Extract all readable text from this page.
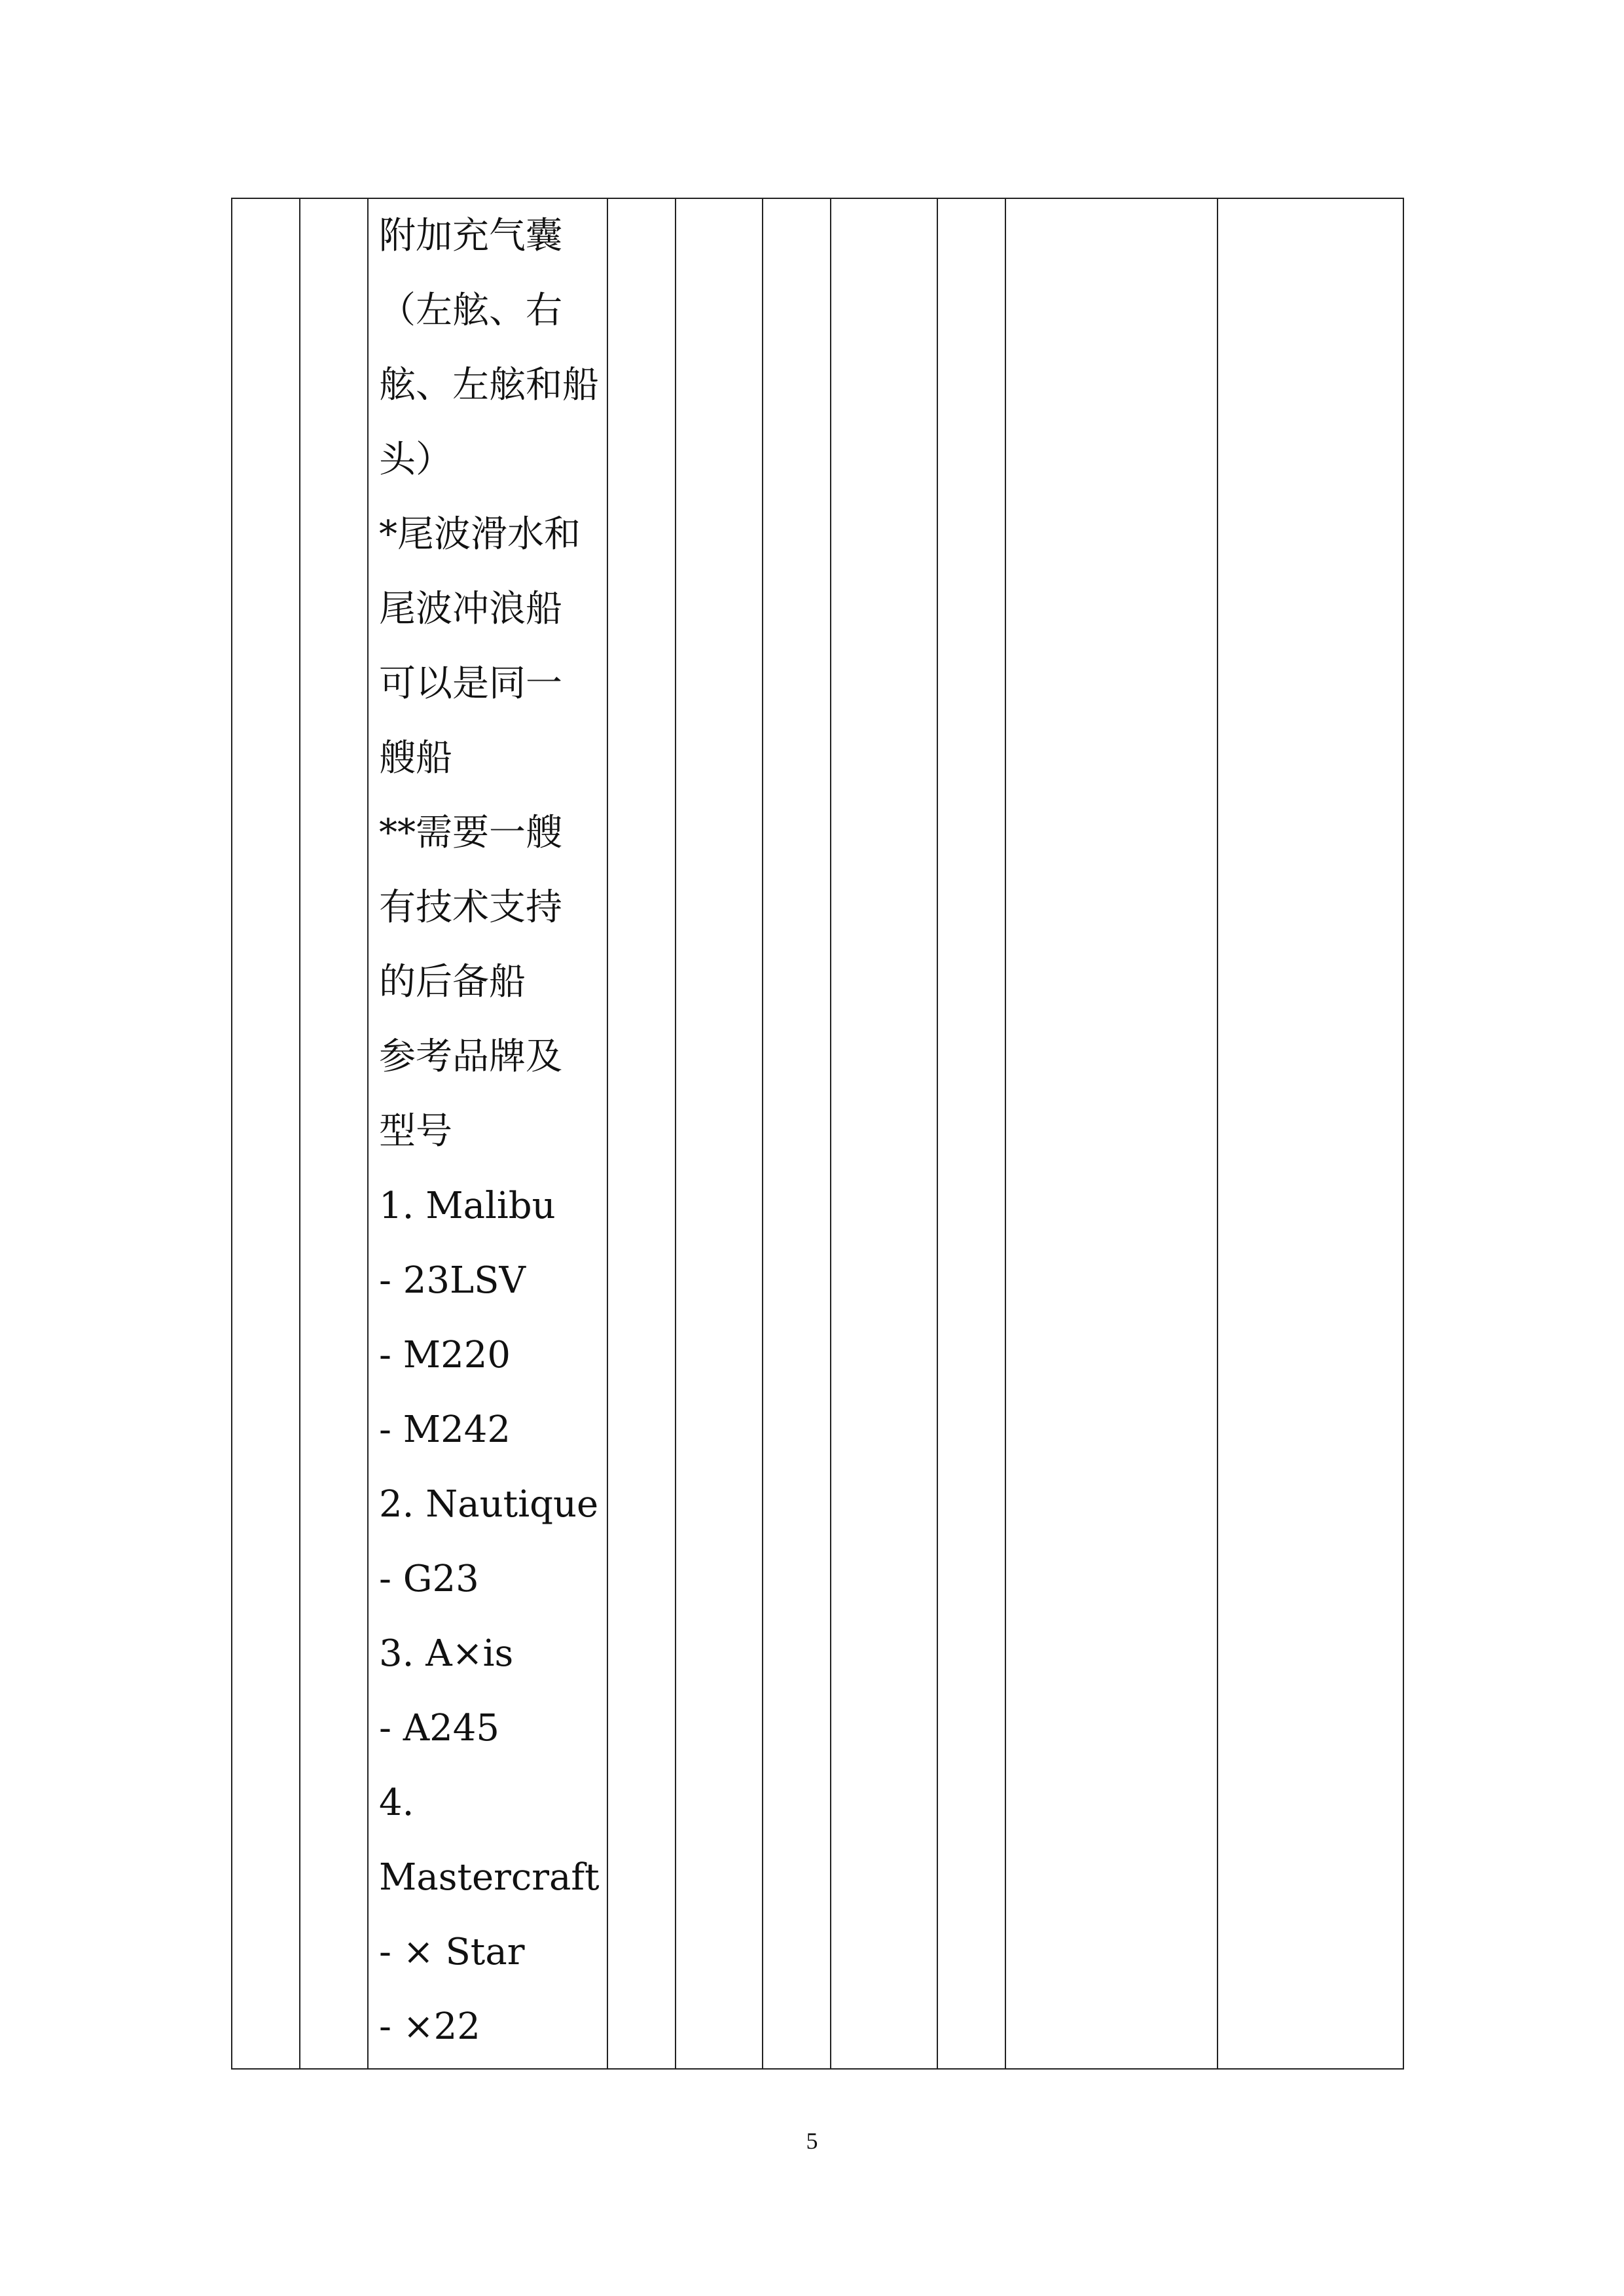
附加充气囊
（左舷、右
舷、左舷和船
头）
*尾波滑水和
尾波冲浪船
可以是同一
艘船
**需要一艘
有技术支持
的后备船
参考品牌及
型号
1. Malibu
- 23LSV
- M220
- M242
2. Nautique
- G23
3. A×is
- A245
4.
Mastercraft
- × Star
- ×22

5
